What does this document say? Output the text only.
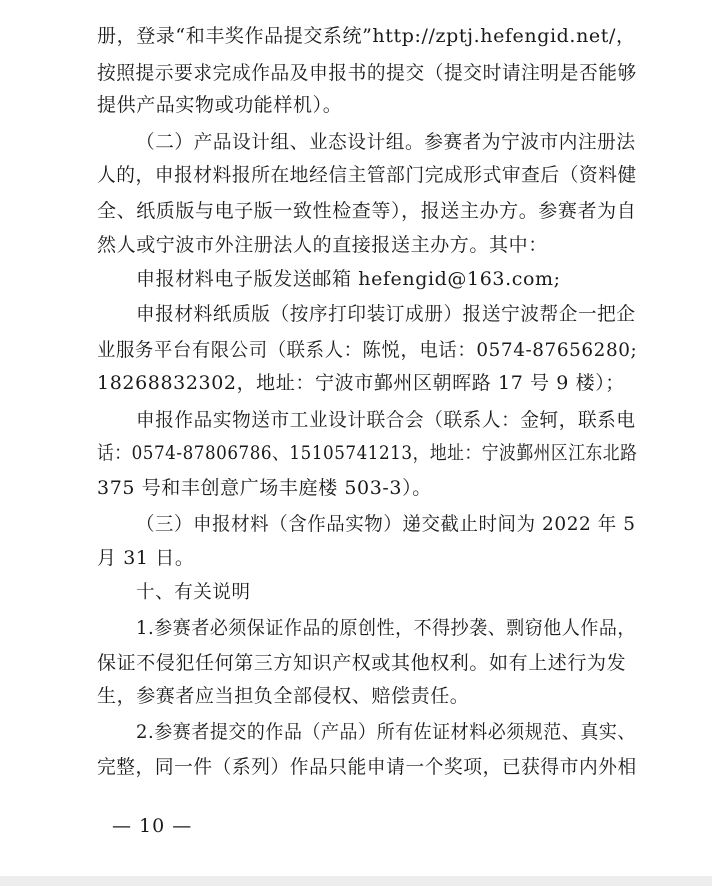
册，登录“和丰奖作品提交系统”http://zptj.hefengid.net/，
按照提示要求完成作品及申报书的提交（提交时请注明是否能够
提供产品实物或功能样机）。
（二）产品设计组、业态设计组。参赛者为宁波市内注册法
人的，申报材料报所在地经信主管部门完成形式审查后（资料健
全、纸质版与电子版一致性检查等），报送主办方。参赛者为自
然人或宁波市外注册法人的直接报送主办方。其中：
申报材料电子版发送邮箱 hefengid@163.com;
申报材料纸质版（按序打印装订成册）报送宁波帮企一把企
业服务平台有限公司（联系人：陈悦，电话：0574-87656280;
18268832302，地址：宁波市鄞州区朝晖路 17 号 9 楼）；
申报作品实物送市工业设计联合会（联系人：金轲，联系电
话：0574-87806786、15105741213，地址：宁波鄞州区江东北路
375 号和丰创意广场丰庭楼 503-3）。
（三）申报材料（含作品实物）递交截止时间为 2022 年 5
月 31 日。
十、有关说明
1.参赛者必须保证作品的原创性，不得抄袭、剽窃他人作品，
保证不侵犯任何第三方知识产权或其他权利。如有上述行为发
生，参赛者应当担负全部侵权、赔偿责任。
2.参赛者提交的作品（产品）所有佐证材料必须规范、真实、
完整，同一件（系列）作品只能申请一个奖项，已获得市内外相
— 10 —
